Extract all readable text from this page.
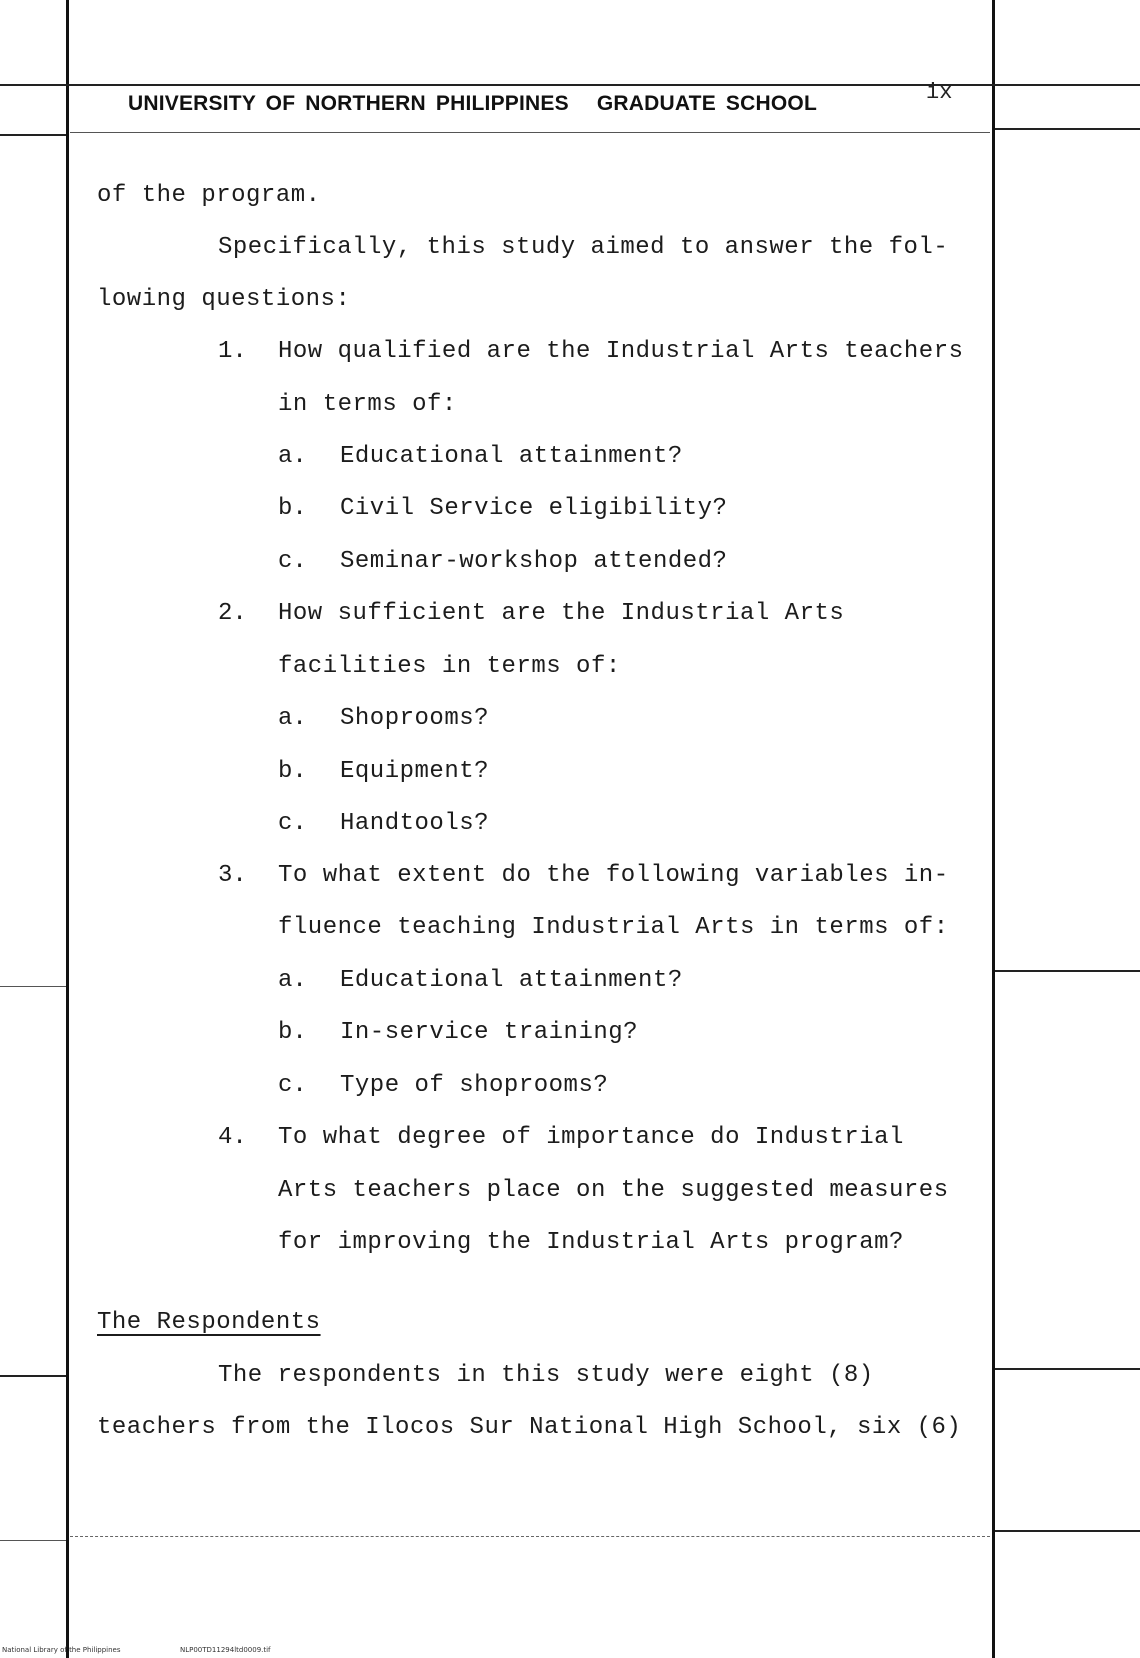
UNIVERSITY OF NORTHERN PHILIPPINES GRADUATE SCHOOL	ix
of the program.
Specifically, this study aimed to answer the fol-
lowing questions:
1. How qualified are the Industrial Arts teachers
in terms of:
a. Educational attainment?
b. Civil Service eligibility?
c. Seminar-workshop attended?
2. How sufficient are the Industrial Arts
facilities in terms of:
a. Shoprooms?
b. Equipment?
c. Handtools?
3. To what extent do the following variables in-
fluence teaching Industrial Arts in terms of:
a. Educational attainment?
b. In-service training?
c. Type of shoprooms?
4. To what degree of importance do Industrial
Arts teachers place on the suggested measures
for improving the Industrial Arts program?
The Respondents
The respondents in this study were eight (8)
teachers from the Ilocos Sur National High School, six (6)
National Library of the Philippines	NLP00TD11294ltd0009.tif
